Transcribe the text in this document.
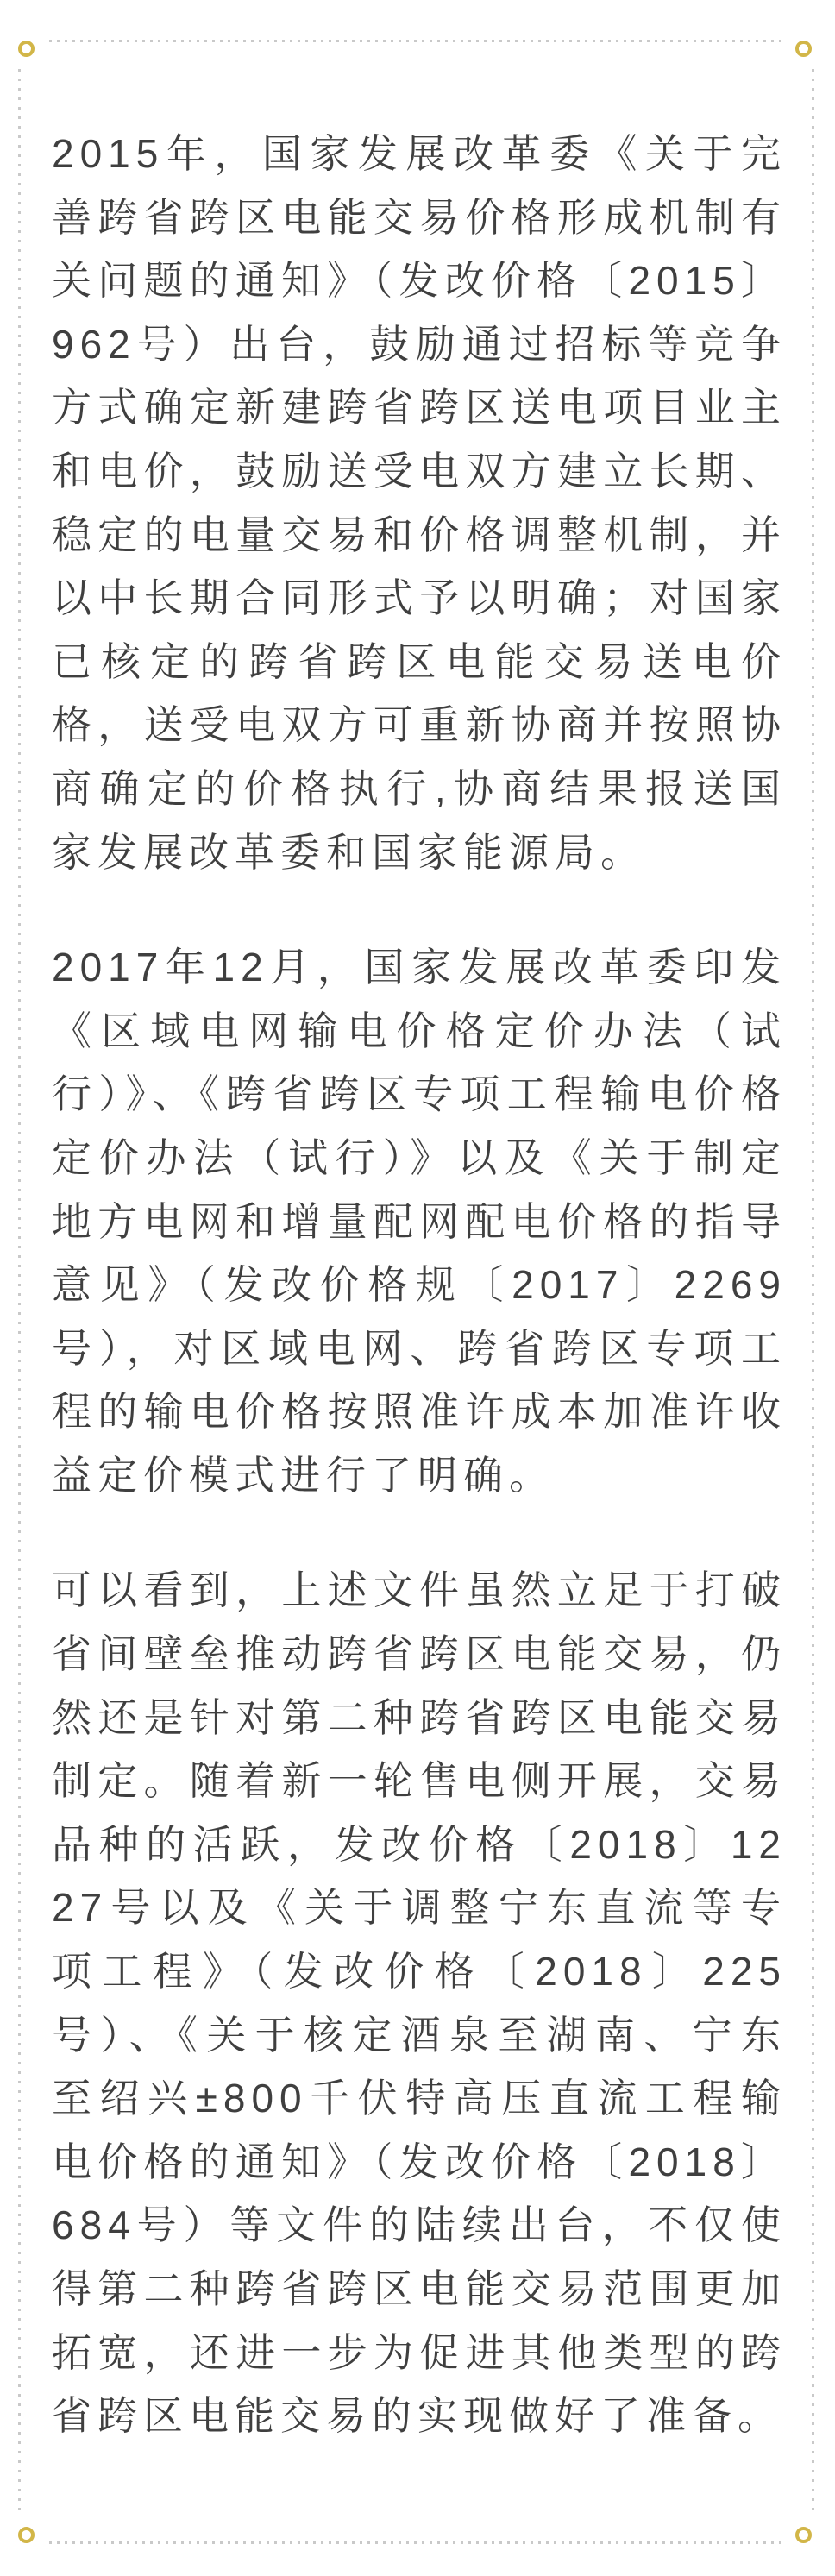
2015年，国家发展改革委《关于完善跨省跨区电能交易价格形成机制有关问题的通知》（发改价格〔2015〕962号）出台，鼓励通过招标等竞争方式确定新建跨省跨区送电项目业主和电价，鼓励送受电双方建立长期、稳定的电量交易和价格调整机制，并以中长期合同形式予以明确；对国家已核定的跨省跨区电能交易送电价格，送受电双方可重新协商并按照协商确定的价格执行,协商结果报送国家发展改革委和国家能源局。

2017年12月，国家发展改革委印发《区域电网输电价格定价办法（试行）》、《跨省跨区专项工程输电价格定价办法（试行）》以及《关于制定地方电网和增量配网配电价格的指导意见》（发改价格规〔2017〕2269号），对区域电网、跨省跨区专项工程的输电价格按照准许成本加准许收益定价模式进行了明确。

可以看到，上述文件虽然立足于打破省间壁垒推动跨省跨区电能交易，仍然还是针对第二种跨省跨区电能交易制定。随着新一轮售电侧开展，交易品种的活跃，发改价格〔2018〕1227号以及《关于调整宁东直流等专项工程》（发改价格〔2018〕225号）、《关于核定酒泉至湖南、宁东至绍兴±800千伏特高压直流工程输电价格的通知》（发改价格〔2018〕684号）等文件的陆续出台，不仅使得第二种跨省跨区电能交易范围更加拓宽，还进一步为促进其他类型的跨省跨区电能交易的实现做好了准备。
